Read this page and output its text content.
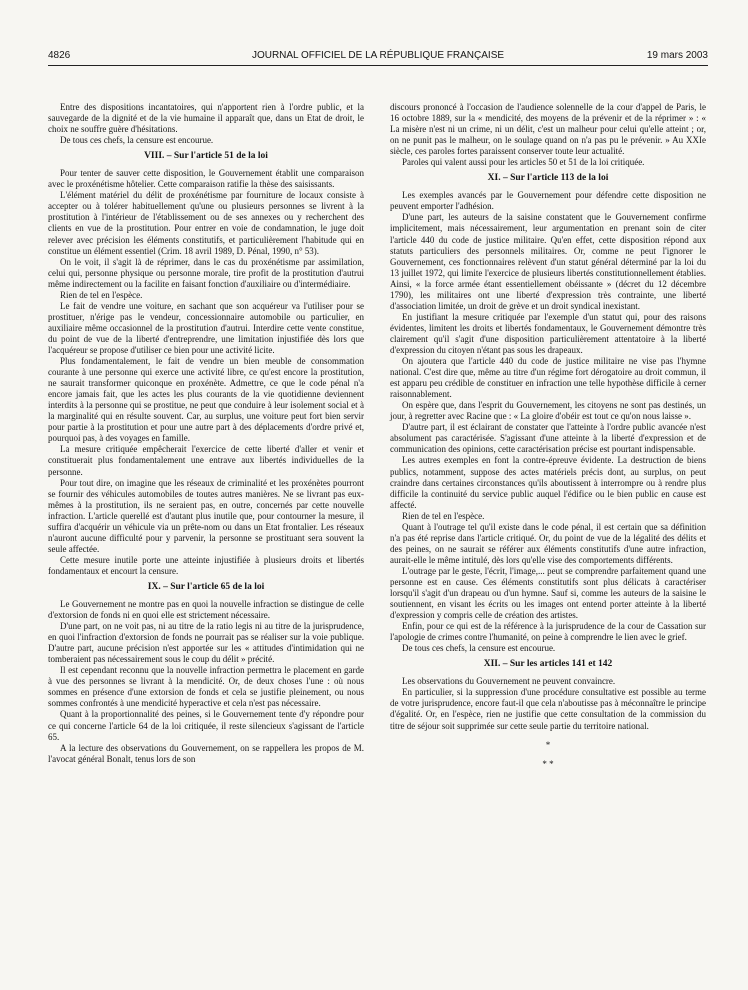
4826	JOURNAL OFFICIEL DE LA RÉPUBLIQUE FRANÇAISE	19 mars 2003

Entre des dispositions incantatoires, qui n'apportent rien à l'ordre public, et la sauvegarde de la dignité et de la vie humaine il apparaît que, dans un Etat de droit, le choix ne souffre guère d'hésitations.

De tous ces chefs, la censure est encourue.

VIII. – Sur l'article 51 de la loi

Pour tenter de sauver cette disposition, le Gouvernement établit une comparaison avec le proxénétisme hôtelier. Cette comparaison ratifie la thèse des saisissants.

L'élément matériel du délit de proxénétisme par fourniture de locaux consiste à accepter ou à tolérer habituellement qu'une ou plusieurs personnes se livrent à la prostitution à l'intérieur de l'établissement ou de ses annexes ou y recherchent des clients en vue de la prostitution. Pour entrer en voie de condamnation, le juge doit relever avec précision les éléments constitutifs, et particulièrement l'habitude qui en constitue un élément essentiel (Crim. 18 avril 1989, D. Pénal, 1990, n° 53).

On le voit, il s'agit là de réprimer, dans le cas du proxénétisme par assimilation, celui qui, personne physique ou personne morale, tire profit de la prostitution d'autrui même indirectement ou la facilite en faisant fonction d'auxiliaire ou d'intermédiaire.

Rien de tel en l'espèce.

Le fait de vendre une voiture, en sachant que son acquéreur va l'utiliser pour se prostituer, n'érige pas le vendeur, concessionnaire automobile ou particulier, en auxiliaire même occasionnel de la prostitution d'autrui. Interdire cette vente constitue, du point de vue de la liberté d'entreprendre, une limitation injustifiée dès lors que l'acquéreur se propose d'utiliser ce bien pour une activité licite.

Plus fondamentalement, le fait de vendre un bien meuble de consommation courante à une personne qui exerce une activité libre, ce qu'est encore la prostitution, ne saurait transformer quiconque en proxénète. Admettre, ce que le code pénal n'a encore jamais fait, que les actes les plus courants de la vie quotidienne deviennent interdits à la personne qui se prostitue, ne peut que conduire à leur isolement social et à la marginalité qui en résulte souvent. Car, au surplus, une voiture peut fort bien servir pour partie à la prostitution et pour une autre part à des déplacements d'ordre privé et, pourquoi pas, à des voyages en famille.

La mesure critiquée empêcherait l'exercice de cette liberté d'aller et venir et constituerait plus fondamentalement une entrave aux libertés individuelles de la personne.

Pour tout dire, on imagine que les réseaux de criminalité et les proxénètes pourront se fournir des véhicules automobiles de toutes autres manières. Ne se livrant pas eux-mêmes à la prostitution, ils ne seraient pas, en outre, concernés par cette nouvelle infraction. L'article querellé est d'autant plus inutile que, pour contourner la mesure, il suffira d'acquérir un véhicule via un prête-nom ou dans un Etat frontalier. Les réseaux n'auront aucune difficulté pour y parvenir, la personne se prostituant sera souvent la seule affectée.

Cette mesure inutile porte une atteinte injustifiée à plusieurs droits et libertés fondamentaux et encourt la censure.

IX. – Sur l'article 65 de la loi

Le Gouvernement ne montre pas en quoi la nouvelle infraction se distingue de celle d'extorsion de fonds ni en quoi elle est strictement nécessaire.

D'une part, on ne voit pas, ni au titre de la ratio legis ni au titre de la jurisprudence, en quoi l'infraction d'extorsion de fonds ne pourrait pas se réaliser sur la voie publique. D'autre part, aucune précision n'est apportée sur les « attitudes d'intimidation qui ne tomberaient pas nécessairement sous le coup du délit » précité.

Il est cependant reconnu que la nouvelle infraction permettra le placement en garde à vue des personnes se livrant à la mendicité. Or, de deux choses l'une : où nous sommes en présence d'une extorsion de fonds et cela se justifie pleinement, ou nous sommes confrontés à une mendicité hyperactive et cela n'est pas nécessaire.

Quant à la proportionnalité des peines, si le Gouvernement tente d'y répondre pour ce qui concerne l'article 64 de la loi critiquée, il reste silencieux s'agissant de l'article 65.

A la lecture des observations du Gouvernement, on se rappellera les propos de M. l'avocat général Bonalt, tenus lors de son

discours prononcé à l'occasion de l'audience solennelle de la cour d'appel de Paris, le 16 octobre 1889, sur la « mendicité, des moyens de la prévenir et de la réprimer » : « La misère n'est ni un crime, ni un délit, c'est un malheur pour celui qu'elle atteint ; or, on ne punit pas le malheur, on le soulage quand on n'a pas pu le prévenir. » Au XXIe siècle, ces paroles fortes paraissent conserver toute leur actualité.

Paroles qui valent aussi pour les articles 50 et 51 de la loi critiquée.

XI. – Sur l'article 113 de la loi

Les exemples avancés par le Gouvernement pour défendre cette disposition ne peuvent emporter l'adhésion.

D'une part, les auteurs de la saisine constatent que le Gouvernement confirme implicitement, mais nécessairement, leur argumentation en prenant soin de citer l'article 440 du code de justice militaire. Qu'en effet, cette disposition répond aux statuts particuliers des personnels militaires. Or, comme ne peut l'ignorer le Gouvernement, ces fonctionnaires relèvent d'un statut général déterminé par la loi du 13 juillet 1972, qui limite l'exercice de plusieurs libertés constitutionnellement établies. Ainsi, « la force armée étant essentiellement obéissante » (décret du 12 décembre 1790), les militaires ont une liberté d'expression très contrainte, une liberté d'association limitée, un droit de grève et un droit syndical inexistant.

En justifiant la mesure critiquée par l'exemple d'un statut qui, pour des raisons évidentes, limitent les droits et libertés fondamentaux, le Gouvernement démontre très clairement qu'il s'agit d'une disposition particulièrement attentatoire à la liberté d'expression du citoyen n'étant pas sous les drapeaux.

On ajoutera que l'article 440 du code de justice militaire ne vise pas l'hymne national. C'est dire que, même au titre d'un régime fort dérogatoire au droit commun, il est apparu peu crédible de constituer en infraction une telle hypothèse difficile à cerner raisonnablement.

On espère que, dans l'esprit du Gouvernement, les citoyens ne sont pas destinés, un jour, à regretter avec Racine que : « La gloire d'obéir est tout ce qu'on nous laisse ».

D'autre part, il est éclairant de constater que l'atteinte à l'ordre public avancée n'est absolument pas caractérisée. S'agissant d'une atteinte à la liberté d'expression et de communication des opinions, cette caractérisation précise est pourtant indispensable.

Les autres exemples en font la contre-épreuve évidente. La destruction de biens publics, notamment, suppose des actes matériels précis dont, au surplus, on peut craindre dans certaines circonstances qu'ils aboutissent à interrompre ou à rendre plus difficile la continuité du service public auquel l'édifice ou le bien public en cause est affecté.

Rien de tel en l'espèce.

Quant à l'outrage tel qu'il existe dans le code pénal, il est certain que sa définition n'a pas été reprise dans l'article critiqué. Or, du point de vue de la légalité des délits et des peines, on ne saurait se référer aux éléments constitutifs d'une autre infraction, aurait-elle le même intitulé, dès lors qu'elle vise des comportements différents.

L'outrage par le geste, l'écrit, l'image,... peut se comprendre parfaitement quand une personne est en cause. Ces éléments constitutifs sont plus délicats à caractériser lorsqu'il s'agit d'un drapeau ou d'un hymne. Sauf si, comme les auteurs de la saisine le soutiennent, en visant les écrits ou les images ont entend porter atteinte à la liberté d'expression y compris celle de création des artistes.

Enfin, pour ce qui est de la référence à la jurisprudence de la cour de Cassation sur l'apologie de crimes contre l'humanité, on peine à comprendre le lien avec le grief.

De tous ces chefs, la censure est encourue.

XII. – Sur les articles 141 et 142

Les observations du Gouvernement ne peuvent convaincre.

En particulier, si la suppression d'une procédure consultative est possible au terme de votre jurisprudence, encore faut-il que cela n'aboutisse pas à méconnaître le principe d'égalité. Or, en l'espèce, rien ne justifie que cette consultation de la commission du titre de séjour soit supprimée sur cette seule partie du territoire national.

*
* *
